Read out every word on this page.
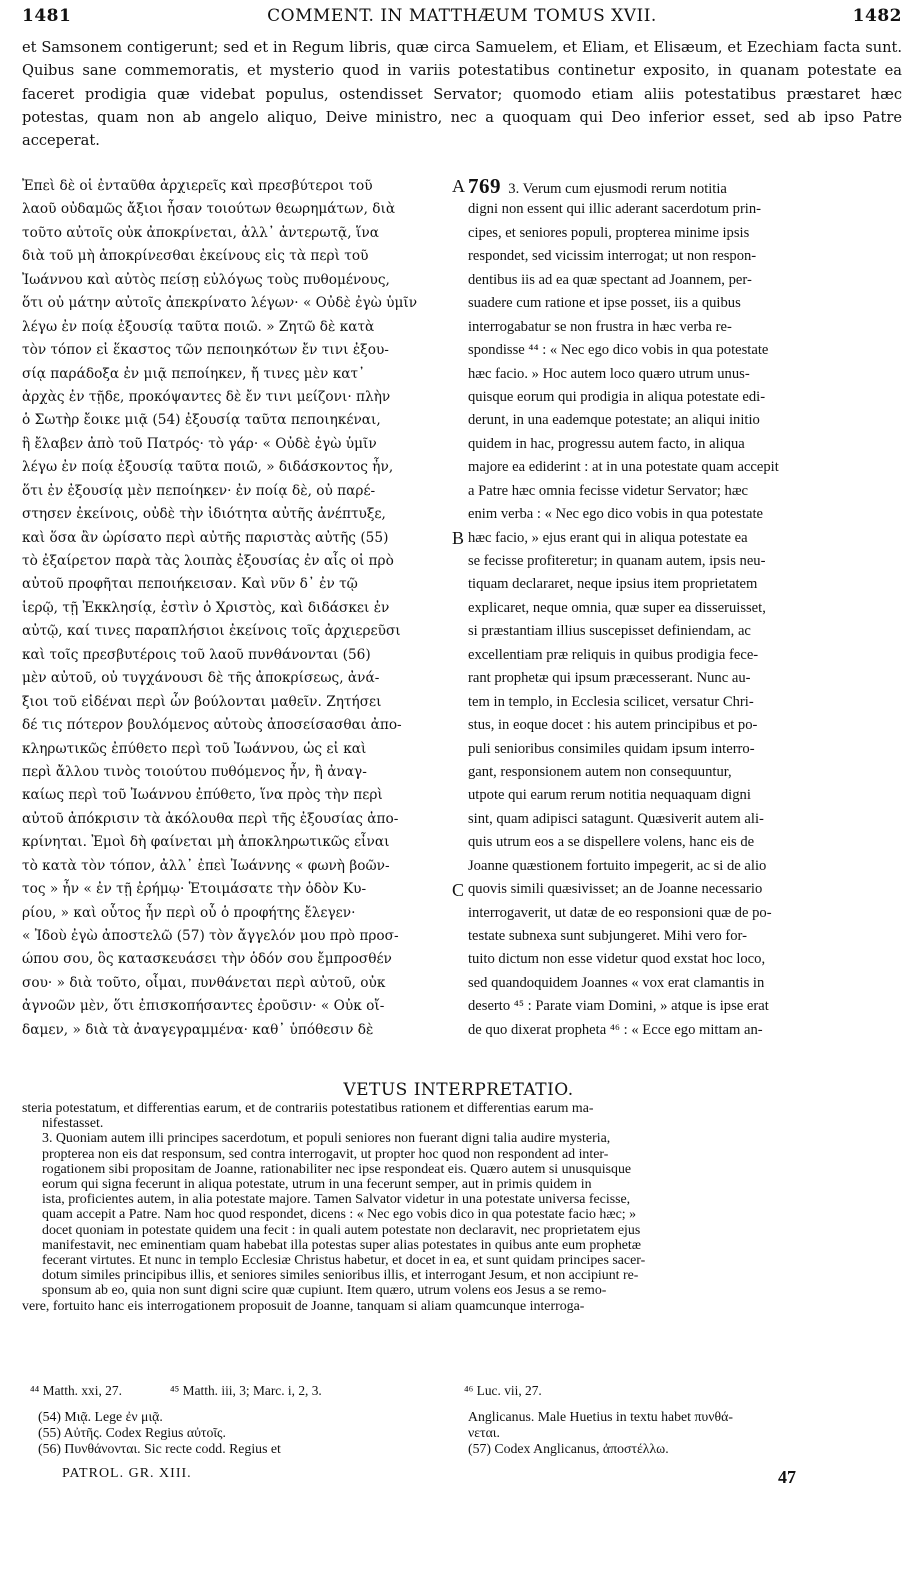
1481	COMMENT. IN MATTHÆUM TOMUS XVII.	1482
et Samsonem contigerunt; sed et in Regum libris, quæ circa Samuelem, et Eliam, et Elisæum, et Ezechiam facta sunt. Quibus sane commemoratis, et mysterio quod in variis potestatibus continetur exposito, in quanam potestate ea faceret prodigia quæ videbat populus, ostendisset Servator; quomodo etiam aliis potestatibus præstaret hæc potestas, quam non ab angelo aliquo, Deive ministro, nec a quoquam qui Deo inferior esset, sed ab ipso Patre acceperat.
Ἐπεὶ δὲ οἱ ἐνταῦθα ἀρχιερεῖς καὶ πρεσβύτεροι τοῦ
λαοῦ οὐδαμῶς ἄξιοι ἦσαν τοιούτων θεωρημάτων, διὰ
τοῦτο αὐτοῖς οὐκ ἀποκρίνεται, ἀλλ᾽ ἀντερωτᾷ, ἵνα
διὰ τοῦ μὴ ἀποκρίνεσθαι ἐκείνους εἰς τὰ περὶ τοῦ
Ἰωάννου καὶ αὐτὸς πείσῃ εὐλόγως τοὺς πυθομένους,
ὅτι οὐ μάτην αὐτοῖς ἀπεκρίνατο λέγων· « Οὐδὲ ἐγὼ ὑμῖν
λέγω ἐν ποίᾳ ἐξουσίᾳ ταῦτα ποιῶ. » Ζητῶ δὲ κατὰ
τὸν τόπον εἰ ἕκαστος τῶν πεποιηκότων ἔν τινι ἐξου-
σίᾳ παράδοξα ἐν μιᾷ πεποίηκεν, ἤ τινες μὲν κατ᾽
ἀρχὰς ἐν τῇδε, προκόψαντες δὲ ἔν τινι μείζονι· πλὴν
ὁ Σωτὴρ ἔοικε μιᾷ (54) ἐξουσίᾳ ταῦτα πεποιηκέναι,
ἣ ἔλαβεν ἀπὸ τοῦ Πατρός· τὸ γάρ· « Οὐδὲ ἐγὼ ὑμῖν
λέγω ἐν ποίᾳ ἐξουσίᾳ ταῦτα ποιῶ, » διδάσκοντος ἦν,
ὅτι ἐν ἐξουσίᾳ μὲν πεποίηκεν· ἐν ποίᾳ δὲ, οὐ παρέ-
στησεν ἐκείνοις, οὐδὲ τὴν ἰδιότητα αὐτῆς ἀνέπτυξε,
καὶ ὅσα ἂν ὡρίσατο περὶ αὐτῆς παριστὰς αὐτῆς (55)
τὸ ἐξαίρετον παρὰ τὰς λοιπὰς ἐξουσίας ἐν αἷς οἱ πρὸ
αὐτοῦ προφῆται πεποιήκεισαν. Καὶ νῦν δ᾽ ἐν τῷ
ἱερῷ, τῇ Ἐκκλησίᾳ, ἐστὶν ὁ Χριστὸς, καὶ διδάσκει ἐν
αὐτῷ, καί τινες παραπλήσιοι ἐκείνοις τοῖς ἀρχιερεῦσι
καὶ τοῖς πρεσβυτέροις τοῦ λαοῦ πυνθάνονται (56)
μὲν αὐτοῦ, οὐ τυγχάνουσι δὲ τῆς ἀποκρίσεως, ἀνά-
ξιοι τοῦ εἰδέναι περὶ ὧν βούλονται μαθεῖν. Ζητήσει
δέ τις πότερον βουλόμενος αὐτοὺς ἀποσείσασθαι ἀπο-
κληρωτικῶς ἐπύθετο περὶ τοῦ Ἰωάννου, ὡς εἰ καὶ
περὶ ἄλλου τινὸς τοιούτου πυθόμενος ἦν, ἢ ἀναγ-
καίως περὶ τοῦ Ἰωάννου ἐπύθετο, ἵνα πρὸς τὴν περὶ
αὐτοῦ ἀπόκρισιν τὰ ἀκόλουθα περὶ τῆς ἐξουσίας ἀπο-
κρίνηται. Ἐμοὶ δὴ φαίνεται μὴ ἀποκληρωτικῶς εἶναι
τὸ κατὰ τὸν τόπον, ἀλλ᾽ ἐπεὶ Ἰωάννης « φωνὴ βοῶν-
τος » ἦν « ἐν τῇ ἐρήμῳ· Ἑτοιμάσατε τὴν ὁδὸν Κυ-
ρίου, » καὶ οὗτος ἦν περὶ οὗ ὁ προφήτης ἔλεγεν·
« Ἰδοὺ ἐγὼ ἀποστελῶ (57) τὸν ἄγγελόν μου πρὸ προσ-
ώπου σου, ὃς κατασκευάσει τὴν ὁδόν σου ἔμπροσθέν
σου· » διὰ τοῦτο, οἶμαι, πυνθάνεται περὶ αὐτοῦ, οὐκ
ἀγνοῶν μὲν, ὅτι ἐπισκοπήσαντες ἐροῦσιν· « Οὐκ οἴ-
δαμεν, » διὰ τὰ ἀναγεγραμμένα· καθ᾽ ὑπόθεσιν δὲ
A
B
C
769 3. Verum cum ejusmodi rerum notitia
digni non essent qui illic aderant sacerdotum prin-
cipes, et seniores populi, propterea minime ipsis
respondet, sed vicissim interrogat; ut non respon-
dentibus iis ad ea quæ spectant ad Joannem, per-
suadere cum ratione et ipse posset, iis a quibus
interrogabatur se non frustra in hæc verba re-
spondisse ⁴⁴ : « Nec ego dico vobis in qua potestate
hæc facio. » Hoc autem loco quæro utrum unus-
quisque eorum qui prodigia in aliqua potestate edi-
derunt, in una eademque potestate; an aliqui initio
quidem in hac, progressu autem facto, in aliqua
majore ea ediderint : at in una potestate quam accepit
a Patre hæc omnia fecisse videtur Servator; hæc
enim verba : « Nec ego dico vobis in qua potestate
hæc facio, » ejus erant qui in aliqua potestate ea
se fecisse profiteretur; in quanam autem, ipsis neu-
tiquam declararet, neque ipsius item proprietatem
explicaret, neque omnia, quæ super ea disseruisset,
si præstantiam illius suscepisset definiendam, ac
excellentiam præ reliquis in quibus prodigia fece-
rant prophetæ qui ipsum præcesserant. Nunc au-
tem in templo, in Ecclesia scilicet, versatur Chri-
stus, in eoque docet : his autem principibus et po-
puli senioribus consimiles quidam ipsum interro-
gant, responsionem autem non consequuntur,
utpote qui earum rerum notitia nequaquam digni
sint, quam adipisci satagunt. Quæsiverit autem ali-
quis utrum eos a se dispellere volens, hanc eis de
Joanne quæstionem fortuito impegerit, ac si de alio
quovis simili quæsivisset; an de Joanne necessario
interrogaverit, ut datæ de eo responsioni quæ de po-
testate subnexa sunt subjungeret. Mihi vero for-
tuito dictum non esse videtur quod exstat hoc loco,
sed quandoquidem Joannes « vox erat clamantis in
deserto ⁴⁵ : Parate viam Domini, » atque is ipse erat
de quo dixerat propheta ⁴⁶ : « Ecce ego mittam an-
VETUS INTERPRETATIO.
steria potestatum, et differentias earum, et de contrariis potestatibus rationem et differentias earum ma-
nifestasset.
3. Quoniam autem illi principes sacerdotum, et populi seniores non fuerant digni talia audire mysteria,
propterea non eis dat responsum, sed contra interrogavit, ut propter hoc quod non respondent ad inter-
rogationem sibi propositam de Joanne, rationabiliter nec ipse respondeat eis. Quæro autem si unusquisque
eorum qui signa fecerunt in aliqua potestate, utrum in una fecerunt semper, aut in primis quidem in
ista, proficientes autem, in alia potestate majore. Tamen Salvator videtur in una potestate universa fecisse,
quam accepit a Patre. Nam hoc quod respondet, dicens : « Nec ego vobis dico in qua potestate facio hæc; »
docet quoniam in potestate quidem una fecit : in quali autem potestate non declaravit, nec proprietatem ejus
manifestavit, nec eminentiam quam habebat illa potestas super alias potestates in quibus ante eum prophetæ
fecerant virtutes. Et nunc in templo Ecclesiæ Christus habetur, et docet in ea, et sunt quidam principes sacer-
dotum similes principibus illis, et seniores similes senioribus illis, et interrogant Jesum, et non accipiunt re-
sponsum ab eo, quia non sunt digni scire quæ cupiunt. Item quæro, utrum volens eos Jesus a se remo-
vere, fortuito hanc eis interrogationem proposuit de Joanne, tanquam si aliam quamcunque interroga-
⁴⁴ Matth. xxi, 27.	⁴⁵ Matth. iii, 3; Marc. i, 2, 3.	⁴⁶ Luc. vii, 27.
(54) Μιᾷ. Lege ἐν μιᾷ.
(55) Αὐτῆς. Codex Regius αὐτοῖς.
(56) Πυνθάνονται. Sic recte codd. Regius et
Anglicanus. Male Huetius in textu habet πυνθά-
νεται.
(57) Codex Anglicanus, ἀποστέλλω.
PATROL. GR. XIII.	47
